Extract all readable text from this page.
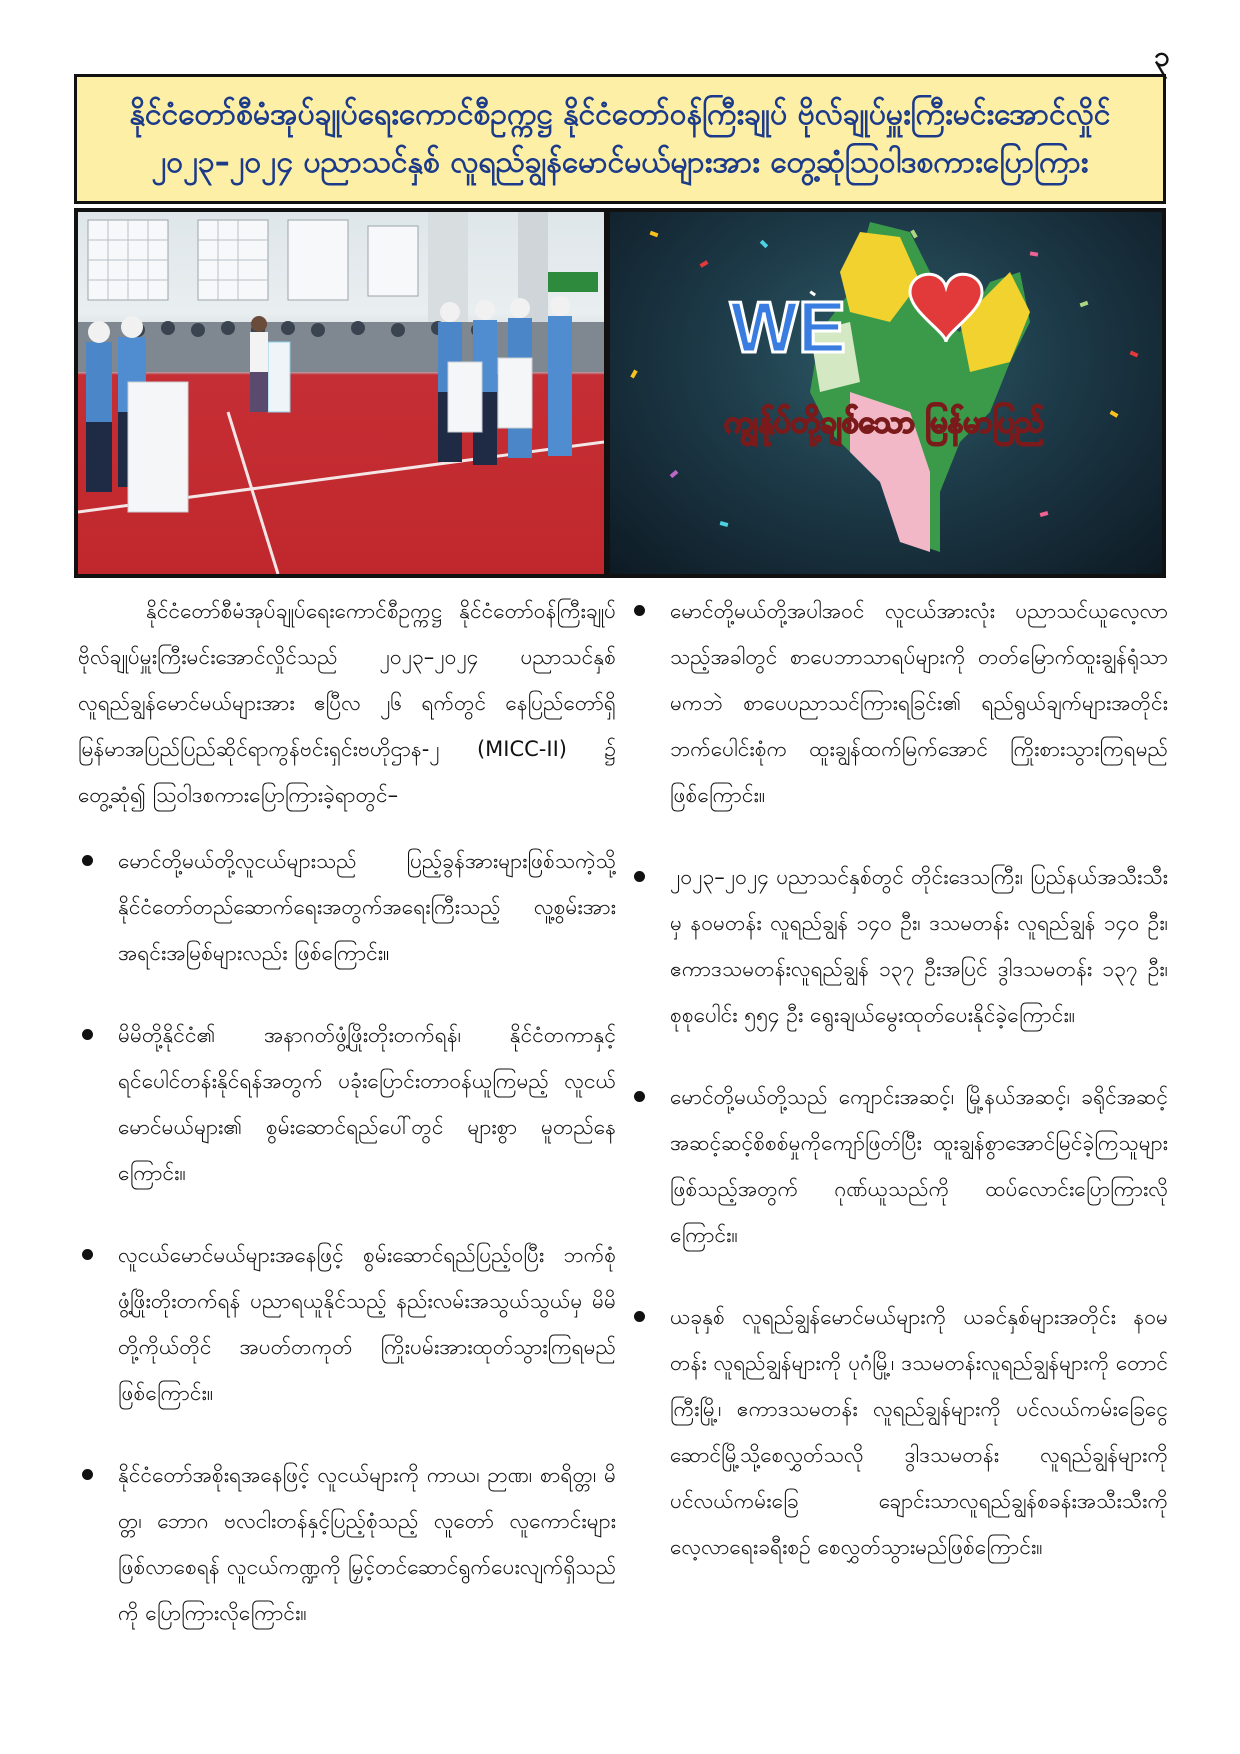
၃
နိုင်ငံတော်စီမံအုပ်ချုပ်ရေးကောင်စီဥက္ကဋ္ဌ နိုင်ငံတော်ဝန်ကြီးချုပ် ဗိုလ်ချုပ်မှူးကြီးမင်းအောင်လှိုင်
၂၀၂၃–၂၀၂၄ ပညာသင်နှစ် လူရည်ချွန်မောင်မယ်များအား တွေ့ဆုံဩဝါဒစကားပြောကြား
WE
ကျွန်ုပ်တို့ချစ်သော မြန်မာပြည်

နိုင်ငံတော်စီမံအုပ်ချုပ်ရေးကောင်စီဥက္ကဋ္ဌ နိုင်ငံတော်ဝန်ကြီးချုပ် ဗိုလ်ချုပ်မှူးကြီးမင်းအောင်လှိုင်သည် ၂၀၂၃–၂၀၂၄ ပညာသင်နှစ် လူရည်ချွန်မောင်မယ်များအား ဧပြီလ ၂၆ ရက်တွင် နေပြည်တော်ရှိ မြန်မာအပြည်ပြည်ဆိုင်ရာကွန်ဗင်းရှင်းဗဟိုဌာန-၂ (MICC-II) ၌ တွေ့ဆုံ၍ ဩဝါဒစကားပြောကြားခဲ့ရာတွင်–

မောင်တို့မယ်တို့လူငယ်များသည် ပြည့်ခွန်အားများဖြစ်သကဲ့သို့ နိုင်ငံတော်တည်ဆောက်ရေးအတွက်အရေးကြီးသည့် လူ့စွမ်းအားအရင်းအမြစ်များလည်း ဖြစ်ကြောင်း။
မိမိတို့နိုင်ငံ၏ အနာဂတ်ဖွံ့ဖြိုးတိုးတက်ရန်၊ နိုင်ငံတကာနှင့် ရင်ပေါင်တန်းနိုင်ရန်အတွက် ပခုံးပြောင်းတာဝန်ယူကြမည့် လူငယ်မောင်မယ်များ၏ စွမ်းဆောင်ရည်ပေါ်တွင် များစွာ မူတည်နေကြောင်း။
လူငယ်မောင်မယ်များအနေဖြင့် စွမ်းဆောင်ရည်ပြည့်ဝပြီး ဘက်စုံဖွံ့ဖြိုးတိုးတက်ရန် ပညာရယူနိုင်သည့် နည်းလမ်းအသွယ်သွယ်မှ မိမိတို့ကိုယ်တိုင် အပတ်တကုတ် ကြိုးပမ်းအားထုတ်သွားကြရမည်ဖြစ်ကြောင်း။
နိုင်ငံတော်အစိုးရအနေဖြင့် လူငယ်များကို ကာယ၊ ဉာဏ၊ စာရိတ္တ၊ မိတ္တ၊ ဘောဂ ဗလငါးတန်နှင့်ပြည့်စုံသည့် လူတော် လူကောင်းများဖြစ်လာစေရန် လူငယ်ကဏ္ဍကို မြှင့်တင်ဆောင်ရွက်ပေးလျက်ရှိသည်ကို ပြောကြားလိုကြောင်း။
မောင်တို့မယ်တို့အပါအဝင် လူငယ်အားလုံး ပညာသင်ယူလေ့လာသည့်အခါတွင် စာပေဘာသာရပ်များကို တတ်မြောက်ထူးချွန်ရုံသာမကဘဲ စာပေပညာသင်ကြားရခြင်း၏ ရည်ရွယ်ချက်များအတိုင်း ဘက်ပေါင်းစုံက ထူးချွန်ထက်မြက်အောင် ကြိုးစားသွားကြရမည်ဖြစ်ကြောင်း။
၂၀၂၃–၂၀၂၄ ပညာသင်နှစ်တွင် တိုင်းဒေသကြီး၊ ပြည်နယ်အသီးသီးမှ နဝမတန်း လူရည်ချွန် ၁၄၀ ဦး၊ ဒသမတန်း လူရည်ချွန် ၁၄၀ ဦး၊ ဧကာဒသမတန်းလူရည်ချွန် ၁၃၇ ဦးအပြင် ဒွါဒသမတန်း ၁၃၇ ဦး၊ စုစုပေါင်း ၅၅၄ ဦး ရွေးချယ်မွေးထုတ်ပေးနိုင်ခဲ့ကြောင်း။
မောင်တို့မယ်တို့သည် ကျောင်းအဆင့်၊ မြို့နယ်အဆင့်၊ ခရိုင်အဆင့် အဆင့်ဆင့်စိစစ်မှုကိုကျော်ဖြတ်ပြီး ထူးချွန်စွာအောင်မြင်ခဲ့ကြသူများဖြစ်သည့်အတွက် ဂုဏ်ယူသည်ကို ထပ်လောင်းပြောကြားလိုကြောင်း။
ယခုနှစ် လူရည်ချွန်မောင်မယ်များကို ယခင်နှစ်များအတိုင်း နဝမတန်း လူရည်ချွန်များကို ပုဂံမြို့၊ ဒသမတန်းလူရည်ချွန်များကို တောင်ကြီးမြို့၊ ဧကာဒသမတန်း လူရည်ချွန်များကို ပင်လယ်ကမ်းခြေငွေဆောင်မြို့သို့စေလွှတ်သလို ဒွါဒသမတန်း လူရည်ချွန်များကို ပင်လယ်ကမ်းခြေ ချောင်းသာလူရည်ချွန်စခန်းအသီးသီးကို လေ့လာရေးခရီးစဉ် စေလွှတ်သွားမည်ဖြစ်ကြောင်း။
